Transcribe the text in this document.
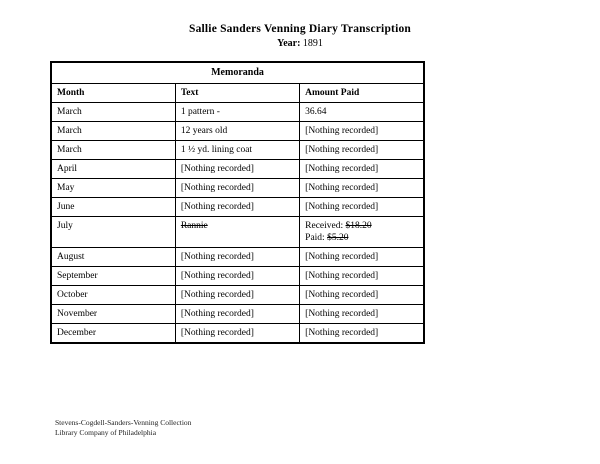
Sallie Sanders Venning Diary Transcription
Year: 1891
Memoranda		
Month	Text	Amount Paid
March	1 pattern -	36.64
March	12 years old	[Nothing recorded]
March	1 ½ yd. lining coat	[Nothing recorded]
April	[Nothing recorded]	[Nothing recorded]
May	[Nothing recorded]	[Nothing recorded]
June	[Nothing recorded]	[Nothing recorded]
July	Rannie	Received: $18.20
Paid: $5.20
August	[Nothing recorded]	[Nothing recorded]
September	[Nothing recorded]	[Nothing recorded]
October	[Nothing recorded]	[Nothing recorded]
November	[Nothing recorded]	[Nothing recorded]
December	[Nothing recorded]	[Nothing recorded]
Stevens-Cogdell-Sanders-Venning Collection
Library Company of Philadelphia
